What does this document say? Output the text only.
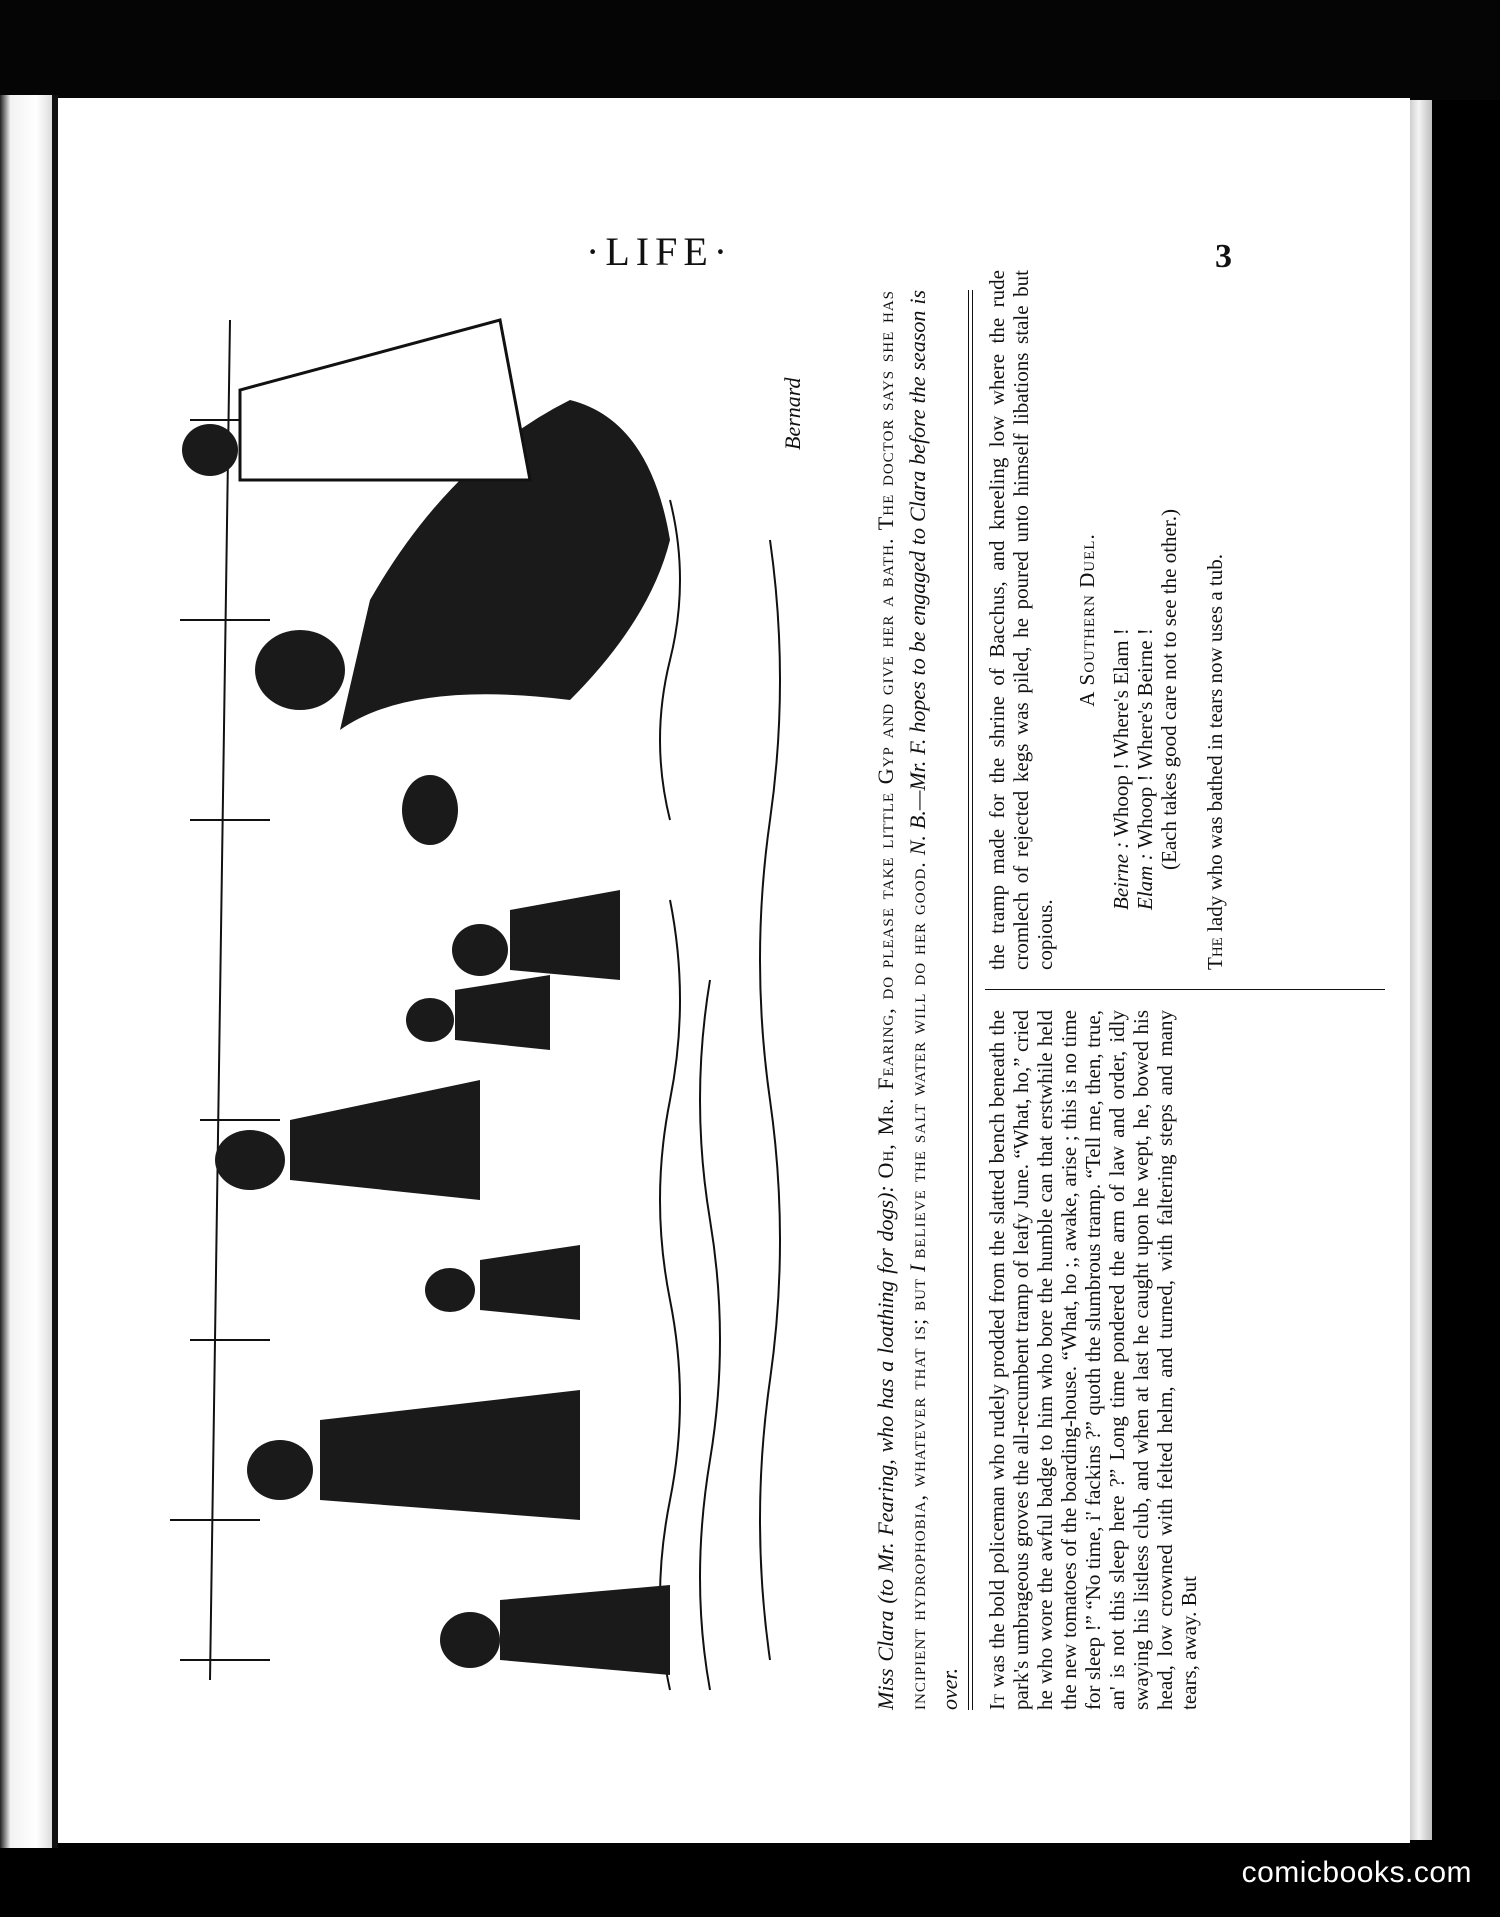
·LIFE·	3
Bernard
Miss Clara (to Mr. Fearing, who has a loathing for dogs): Oh, Mr. Fearing, do please take little Gyp and give her a bath. The doctor says she has incipient hydrophobia, whatever that is; but I believe the salt water will do her good. N. B.—Mr. F. hopes to be engaged to Clara before the season is over. It was the bold policeman who rudely prodded from the slatted bench beneath the park's umbrageous groves the all-recumbent tramp of leafy June. “What, ho,” cried he who wore the awful badge to him who bore the humble can that erstwhile held the new tomatoes of the boarding-house. “What, ho ;, awake, arise ; this is no time for sleep !” “No time, i' fackins ?” quoth the slumbrous tramp. “Tell me, then, true, an' is not this sleep here ?” Long time pondered the arm of law and order, idly swaying his listless club, and when at last he caught upon he wept, he, bowed his head, low crowned with felted helm, and turned, with faltering steps and many tears, away. But
the tramp made for the shrine of Bacchus, and kneeling low where the rude cromlech of rejected kegs was piled, he poured unto himself libations stale but copious.
A Southern Duel.
Beirne : Whoop ! Where's Elam !
Elam : Whoop ! Where's Beirne ! (Each takes good care not to see the other.)
The lady who was bathed in tears now uses a tub.
comicbooks.com
